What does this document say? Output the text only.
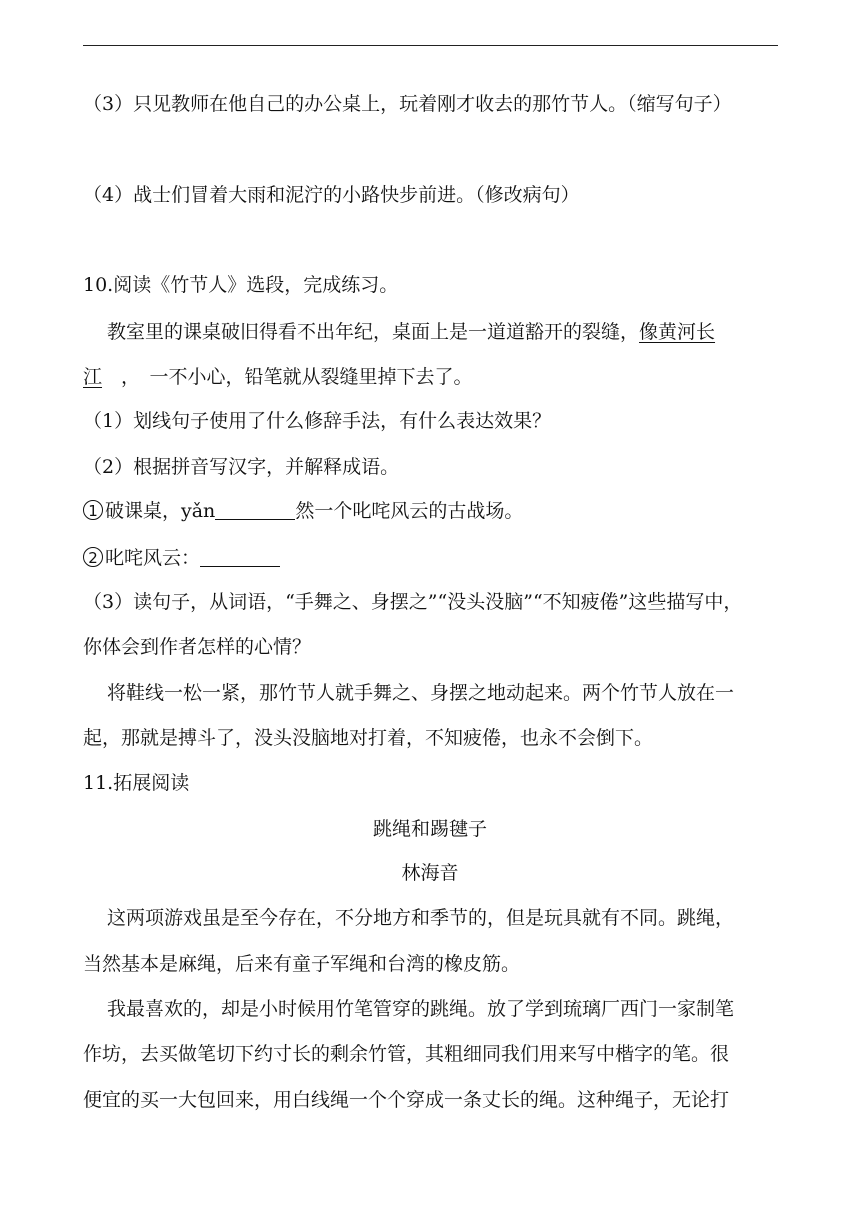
（3）只见教师在他自己的办公桌上，玩着刚才收去的那竹节人。（缩写句子）
（4）战士们冒着大雨和泥泞的小路快步前进。（修改病句）
10.阅读《竹节人》选段，完成练习。
教室里的课桌破旧得看不出年纪，桌面上是一道道豁开的裂缝，像黄河长
江　，　一不小心，铅笔就从裂缝里掉下去了。
（1）划线句子使用了什么修辞手法，有什么表达效果？
（2）根据拼音写汉字，并解释成语。
1 破课桌，yǎn	然一个叱咤风云的古战场。
2 叱咤风云：
（3）读句子，从词语，“手舞之、身摆之”“没头没脑”“不知疲倦”这些描写中，
你体会到作者怎样的心情？
将鞋线一松一紧，那竹节人就手舞之、身摆之地动起来。两个竹节人放在一
起，那就是搏斗了，没头没脑地对打着，不知疲倦，也永不会倒下。
11.拓展阅读
跳绳和踢毽子
林海音
这两项游戏虽是至今存在，不分地方和季节的，但是玩具就有不同。跳绳，
当然基本是麻绳，后来有童子军绳和台湾的橡皮筋。
我最喜欢的，却是小时候用竹笔管穿的跳绳。放了学到琉璃厂西门一家制笔
作坊，去买做笔切下约寸长的剩余竹管，其粗细同我们用来写中楷字的笔。很
便宜的买一大包回来，用白线绳一个个穿成一条丈长的绳。这种绳子，无论打
